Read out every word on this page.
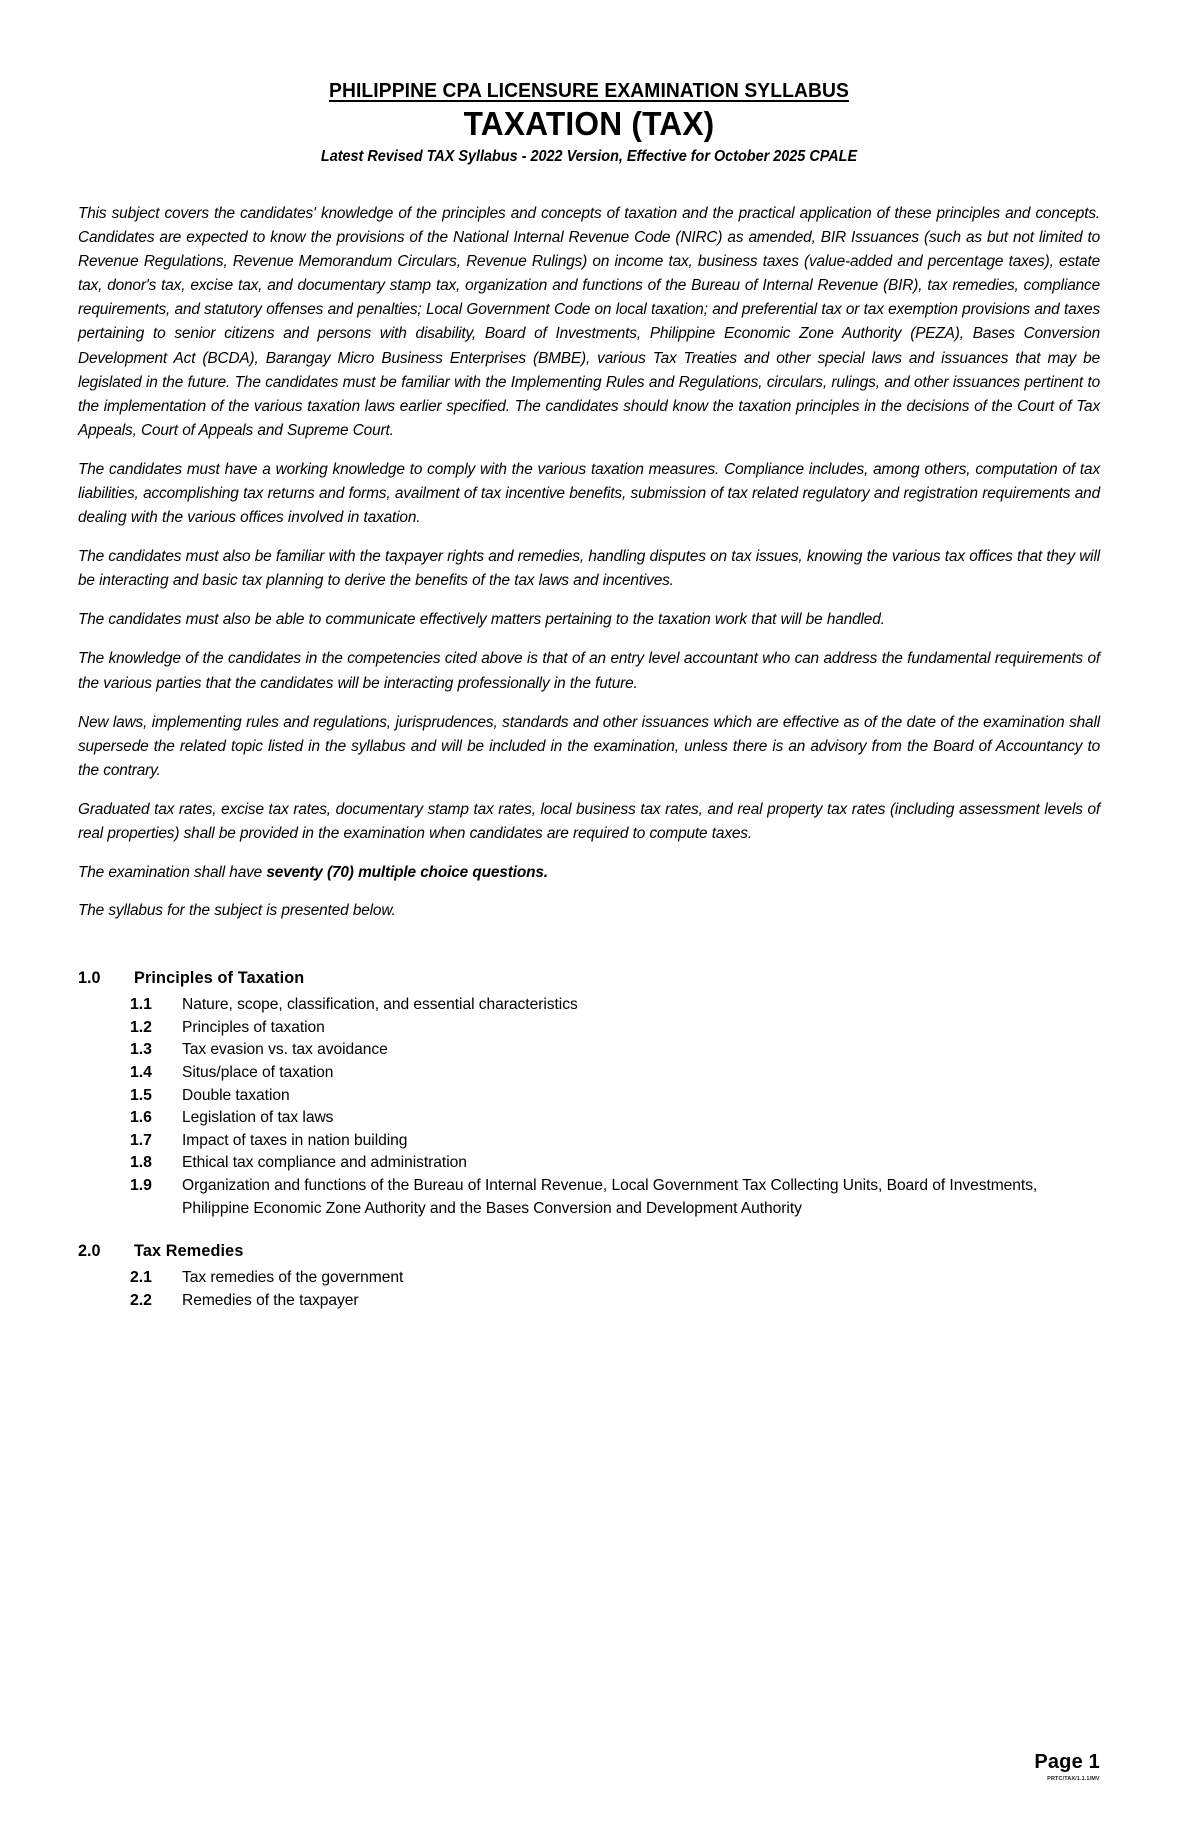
PHILIPPINE CPA LICENSURE EXAMINATION SYLLABUS
TAXATION (TAX)
Latest Revised TAX Syllabus - 2022 Version, Effective for October 2025 CPALE

This subject covers the candidates' knowledge of the principles and concepts of taxation and the practical application of these principles and concepts. Candidates are expected to know the provisions of the National Internal Revenue Code (NIRC) as amended, BIR Issuances (such as but not limited to Revenue Regulations, Revenue Memorandum Circulars, Revenue Rulings) on income tax, business taxes (value-added and percentage taxes), estate tax, donor's tax, excise tax, and documentary stamp tax, organization and functions of the Bureau of Internal Revenue (BIR), tax remedies, compliance requirements, and statutory offenses and penalties; Local Government Code on local taxation; and preferential tax or tax exemption provisions and taxes pertaining to senior citizens and persons with disability, Board of Investments, Philippine Economic Zone Authority (PEZA), Bases Conversion Development Act (BCDA), Barangay Micro Business Enterprises (BMBE), various Tax Treaties and other special laws and issuances that may be legislated in the future. The candidates must be familiar with the Implementing Rules and Regulations, circulars, rulings, and other issuances pertinent to the implementation of the various taxation laws earlier specified. The candidates should know the taxation principles in the decisions of the Court of Tax Appeals, Court of Appeals and Supreme Court.

The candidates must have a working knowledge to comply with the various taxation measures. Compliance includes, among others, computation of tax liabilities, accomplishing tax returns and forms, availment of tax incentive benefits, submission of tax related regulatory and registration requirements and dealing with the various offices involved in taxation.

The candidates must also be familiar with the taxpayer rights and remedies, handling disputes on tax issues, knowing the various tax offices that they will be interacting and basic tax planning to derive the benefits of the tax laws and incentives.

The candidates must also be able to communicate effectively matters pertaining to the taxation work that will be handled.

The knowledge of the candidates in the competencies cited above is that of an entry level accountant who can address the fundamental requirements of the various parties that the candidates will be interacting professionally in the future.

New laws, implementing rules and regulations, jurisprudences, standards and other issuances which are effective as of the date of the examination shall supersede the related topic listed in the syllabus and will be included in the examination, unless there is an advisory from the Board of Accountancy to the contrary.

Graduated tax rates, excise tax rates, documentary stamp tax rates, local business tax rates, and real property tax rates (including assessment levels of real properties) shall be provided in the examination when candidates are required to compute taxes.

The examination shall have seventy (70) multiple choice questions.

The syllabus for the subject is presented below.

1.0	Principles of Taxation
1.1	Nature, scope, classification, and essential characteristics
1.2	Principles of taxation
1.3	Tax evasion vs. tax avoidance
1.4	Situs/place of taxation
1.5	Double taxation
1.6	Legislation of tax laws
1.7	Impact of taxes in nation building
1.8	Ethical tax compliance and administration
1.9	Organization and functions of the Bureau of Internal Revenue, Local Government Tax Collecting Units, Board of Investments, Philippine Economic Zone Authority and the Bases Conversion and Development Authority
2.0	Tax Remedies
2.1	Tax remedies of the government
2.2	Remedies of the taxpayer
Page 1
PRTC/TAX/1.1.1/MV
